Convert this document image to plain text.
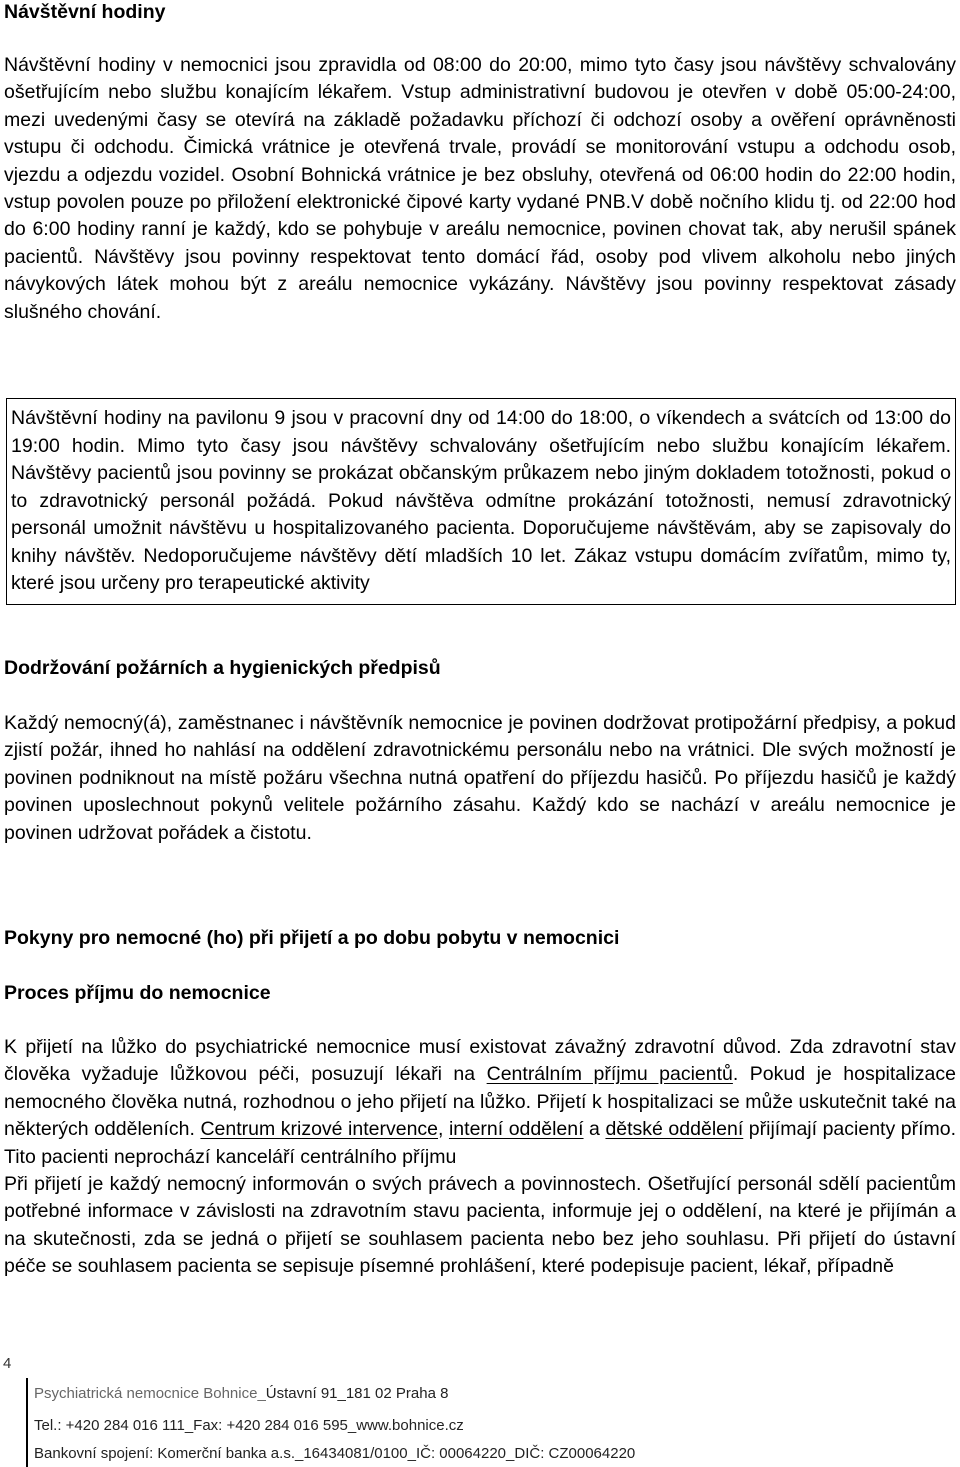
Návštěvní hodiny

Návštěvní hodiny v nemocnici jsou zpravidla od 08:00 do 20:00, mimo tyto časy jsou návštěvy schvalovány ošetřujícím nebo službu konajícím lékařem. Vstup administrativní budovou je otevřen v době 05:00-24:00, mezi uvedenými časy se otevírá na základě požadavku příchozí či odchozí osoby a ověření oprávněnosti vstupu či odchodu. Čimická vrátnice je otevřená trvale, provádí se monitorování vstupu a odchodu osob, vjezdu a odjezdu vozidel. Osobní Bohnická vrátnice je bez obsluhy, otevřená od 06:00 hodin do 22:00 hodin, vstup povolen pouze po přiložení elektronické čipové karty vydané PNB.V době nočního klidu tj. od 22:00 hod do 6:00 hodiny ranní je každý, kdo se pohybuje v areálu nemocnice, povinen chovat tak, aby nerušil spánek pacientů. Návštěvy jsou povinny respektovat tento domácí řád, osoby pod vlivem alkoholu nebo jiných návykových látek mohou být z areálu nemocnice vykázány. Návštěvy jsou povinny respektovat zásady slušného chování.

Návštěvní hodiny na pavilonu 9 jsou v pracovní dny od 14:00 do 18:00, o víkendech a svátcích od 13:00 do 19:00 hodin. Mimo tyto časy jsou návštěvy schvalovány ošetřujícím nebo službu konajícím lékařem. Návštěvy pacientů jsou povinny se prokázat občanským průkazem nebo jiným dokladem totožnosti, pokud o to zdravotnický personál požádá. Pokud návštěva odmítne prokázání totožnosti, nemusí zdravotnický personál umožnit návštěvu u hospitalizovaného pacienta. Doporučujeme návštěvám, aby se zapisovaly do knihy návštěv. Nedoporučujeme návštěvy dětí mladších 10 let. Zákaz vstupu domácím zvířatům, mimo ty, které jsou určeny pro terapeutické aktivity

Dodržování požárních a hygienických předpisů

Každý nemocný(á), zaměstnanec i návštěvník nemocnice je povinen dodržovat protipožární předpisy, a pokud zjistí požár, ihned ho nahlásí na oddělení zdravotnickému personálu nebo na vrátnici. Dle svých možností je povinen podniknout na místě požáru všechna nutná opatření do příjezdu hasičů. Po příjezdu hasičů je každý povinen uposlechnout pokynů velitele požárního zásahu. Každý kdo se nachází v areálu nemocnice je povinen udržovat pořádek a čistotu.

Pokyny pro nemocné (ho) při přijetí a po dobu pobytu v nemocnici
Proces příjmu do nemocnice

K přijetí na lůžko do psychiatrické nemocnice musí existovat závažný zdravotní důvod. Zda zdravotní stav člověka vyžaduje lůžkovou péči, posuzují lékaři na Centrálním příjmu pacientů. Pokud je hospitalizace nemocného člověka nutná, rozhodnou o jeho přijetí na lůžko. Přijetí k hospitalizaci se může uskutečnit také na některých odděleních. Centrum krizové intervence, interní oddělení a dětské oddělení přijímají pacienty přímo. Tito pacienti neprochází kanceláří centrálního příjmu

Při přijetí je každý nemocný informován o svých právech a povinnostech. Ošetřující personál sdělí pacientům potřebné informace v závislosti na zdravotním stavu pacienta, informuje jej o oddělení, na které je přijímán a na skutečnosti, zda se jedná o přijetí se souhlasem pacienta nebo bez jeho souhlasu. Při přijetí do ústavní péče se souhlasem pacienta se sepisuje písemné prohlášení, které podepisuje pacient, lékař, případně

4
Psychiatrická nemocnice Bohnice_Ústavní 91_181 02 Praha 8
Tel.: +420 284 016 111_Fax: +420 284 016 595_www.bohnice.cz
Bankovní spojení: Komerční banka a.s._16434081/0100_IČ: 00064220_DIČ: CZ00064220
